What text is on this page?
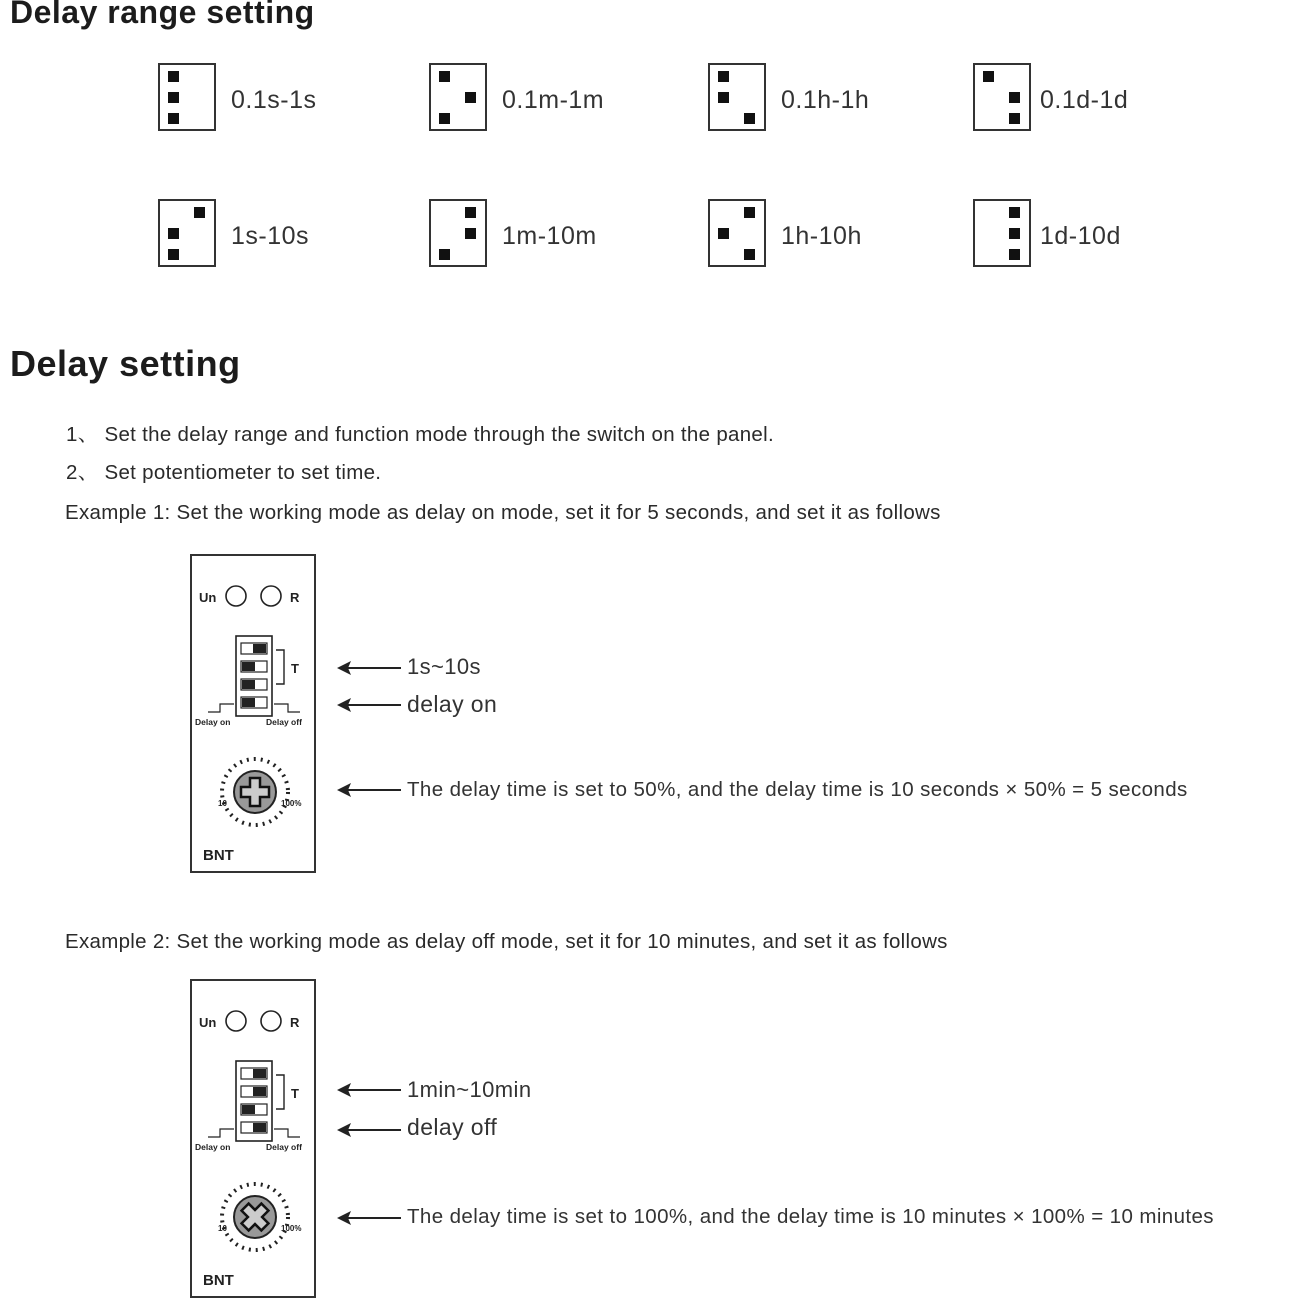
Delay range setting
0.1s-1s	0.1m-1m	0.1h-1h	0.1d-1d
1s-10s	1m-10m	1h-10h	1d-10d
Delay setting
1、 Set the delay range and function mode through the switch on the panel.
2、 Set potentiometer to set time.
Example 1: Set the working mode as delay on mode, set it for 5 seconds, and set it as follows
Un	R
T
Delay on	Delay off
10	100%
BNT
1s~10s
delay on
The delay time is set to 50%, and the delay time is 10 seconds × 50% = 5 seconds
Example 2: Set the working mode as delay off mode, set it for 10 minutes, and set it as follows
Un	R
T
Delay on	Delay off
10	100%
BNT
1min~10min
delay off
The delay time is set to 100%, and the delay time is 10 minutes × 100% = 10 minutes
